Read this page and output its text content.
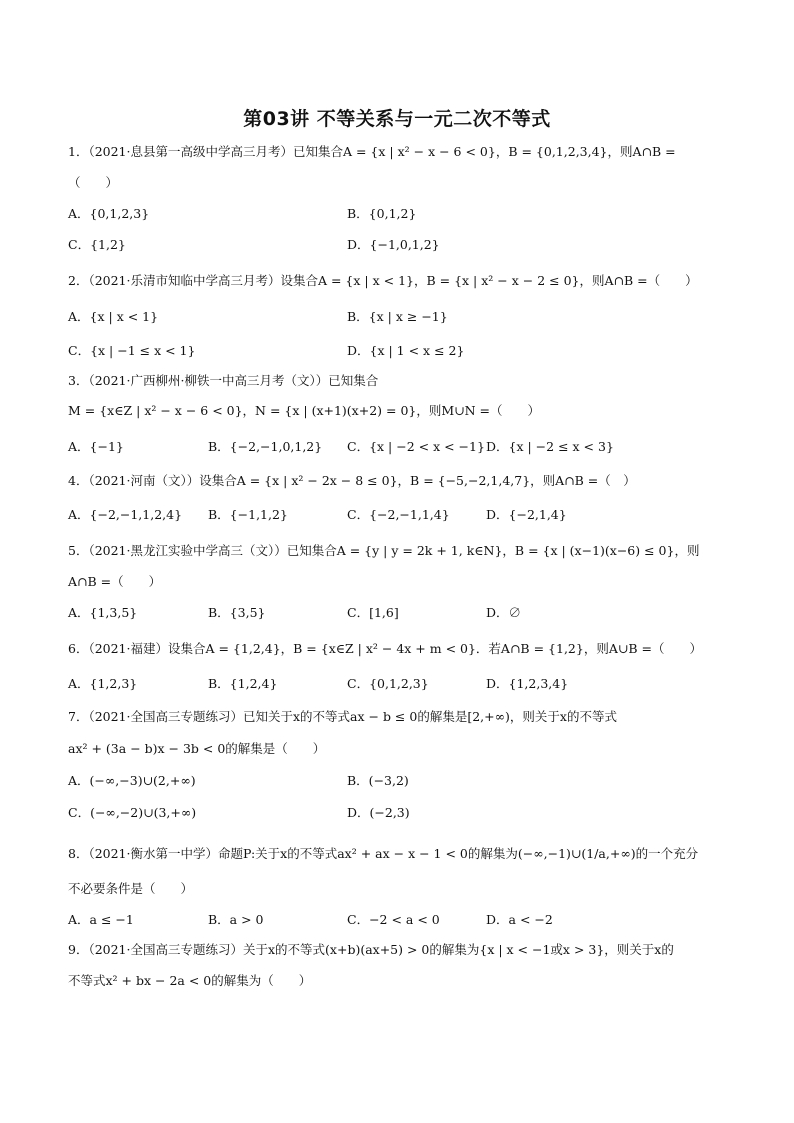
第03讲 不等关系与一元二次不等式
1．（2021·息县第一高级中学高三月考）已知集合A = {x | x² − x − 6 < 0}，B = {0,1,2,3,4}，则A∩B =
（　　）
A．{0,1,2,3}	B．{0,1,2}
C．{1,2}	D．{−1,0,1,2}
2．（2021·乐清市知临中学高三月考）设集合A = {x | x < 1}，B = {x | x² − x − 2 ≤ 0}，则A∩B =（　　）
A．{x | x < 1}	B．{x | x ≥ −1}
C．{x | −1 ≤ x < 1}	D．{x | 1 < x ≤ 2}
3．（2021·广西柳州·柳铁一中高三月考（文））已知集合
M = {x∈Z | x² − x − 6 < 0}，N = {x | (x+1)(x+2) = 0}，则M∪N =（　　）
A．{−1}	B．{−2,−1,0,1,2} C．{x | −2 < x < −1} D．{x | −2 ≤ x < 3}
4．（2021·河南（文））设集合A = {x | x² − 2x − 8 ≤ 0}，B = {−5,−2,1,4,7}，则A∩B =（　）
A．{−2,−1,1,2,4} B．{−1,1,2}	C．{−2,−1,1,4}	D．{−2,1,4}
5．（2021·黑龙江实验中学高三（文））已知集合A = {y | y = 2k + 1, k∈N}，B = {x | (x−1)(x−6) ≤ 0}，则
A∩B =（　　）
A．{1,3,5}	B．{3,5}	C．[1,6]	D．∅
6．（2021·福建）设集合A = {1,2,4}，B = {x∈Z | x² − 4x + m < 0}．若A∩B = {1,2}，则A∪B =（　　）
A．{1,2,3}	B．{1,2,4}	C．{0,1,2,3}	D．{1,2,3,4}
7．（2021·全国高三专题练习）已知关于x的不等式ax − b ≤ 0的解集是[2,+∞)，则关于x的不等式
ax² + (3a − b)x − 3b < 0的解集是（　　）
A．(−∞,−3)∪(2,+∞)	B．(−3,2)
C．(−∞,−2)∪(3,+∞)	D．(−2,3)
8．（2021·衡水第一中学）命题P:关于x的不等式ax² + ax − x − 1 < 0的解集为(−∞,−1)∪(1/a,+∞)的一个充分
不必要条件是（　　）
A．a ≤ −1	B．a > 0	C．−2 < a < 0	D．a < −2
9．（2021·全国高三专题练习）关于x的不等式(x+b)(ax+5) > 0的解集为{x | x < −1或x > 3}，则关于x的
不等式x² + bx − 2a < 0的解集为（　　）
